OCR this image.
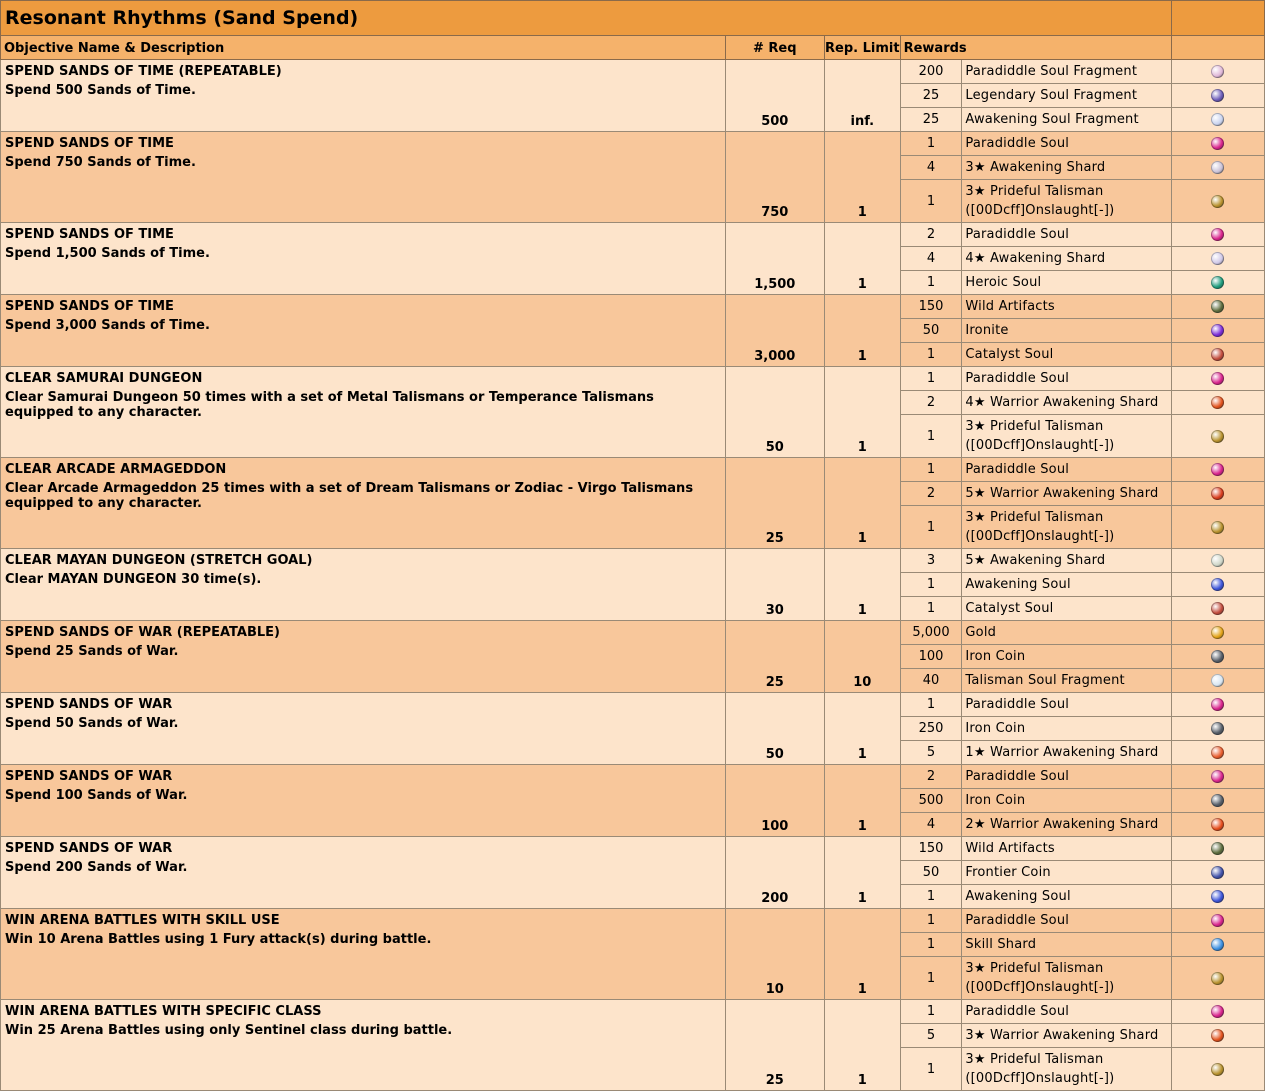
Resonant Rhythms (Sand Spend)					
Objective Name & Description	# Req	Rep. Limit	Rewards		

SPEND SANDS OF TIME (REPEATABLE)
Spend 500 Sands of Time.	500	inf.	200	Paradiddle Soul Fragment	
			25	Legendary Soul Fragment	
			25	Awakening Soul Fragment	

SPEND SANDS OF TIME
Spend 750 Sands of Time.	750	1	1	Paradiddle Soul	
			4	3★ Awakening Shard	
			1	3★ Prideful Talisman
([00Dcff]Onslaught[-])	

SPEND SANDS OF TIME
Spend 1,500 Sands of Time.	1,500	1	2	Paradiddle Soul	
			4	4★ Awakening Shard	
			1	Heroic Soul	

SPEND SANDS OF TIME
Spend 3,000 Sands of Time.	3,000	1	150	Wild Artifacts	
			50	Ironite	
			1	Catalyst Soul	

CLEAR SAMURAI DUNGEON
Clear Samurai Dungeon 50 times with a set of Metal Talismans or Temperance Talismans equipped to any character.	50	1	1	Paradiddle Soul	
			2	4★ Warrior Awakening Shard	
			1	3★ Prideful Talisman
([00Dcff]Onslaught[-])	

CLEAR ARCADE ARMAGEDDON
Clear Arcade Armageddon 25 times with a set of Dream Talismans or Zodiac - Virgo Talismans equipped to any character.	25	1	1	Paradiddle Soul	
			2	5★ Warrior Awakening Shard	
			1	3★ Prideful Talisman
([00Dcff]Onslaught[-])	

CLEAR MAYAN DUNGEON (STRETCH GOAL)
Clear MAYAN DUNGEON 30 time(s).	30	1	3	5★ Awakening Shard	
			1	Awakening Soul	
			1	Catalyst Soul	

SPEND SANDS OF WAR (REPEATABLE)
Spend 25 Sands of War.	25	10	5,000	Gold	
			100	Iron Coin	
			40	Talisman Soul Fragment	

SPEND SANDS OF WAR
Spend 50 Sands of War.	50	1	1	Paradiddle Soul	
			250	Iron Coin	
			5	1★ Warrior Awakening Shard	

SPEND SANDS OF WAR
Spend 100 Sands of War.	100	1	2	Paradiddle Soul	
			500	Iron Coin	
			4	2★ Warrior Awakening Shard	

SPEND SANDS OF WAR
Spend 200 Sands of War.	200	1	150	Wild Artifacts	
			50	Frontier Coin	
			1	Awakening Soul	

WIN ARENA BATTLES WITH SKILL USE
Win 10 Arena Battles using 1 Fury attack(s) during battle.	10	1	1	Paradiddle Soul	
			1	Skill Shard	
			1	3★ Prideful Talisman
([00Dcff]Onslaught[-])	

WIN ARENA BATTLES WITH SPECIFIC CLASS
Win 25 Arena Battles using only Sentinel class during battle.	25	1	1	Paradiddle Soul	
			5	3★ Warrior Awakening Shard	
			1	3★ Prideful Talisman
([00Dcff]Onslaught[-])	
